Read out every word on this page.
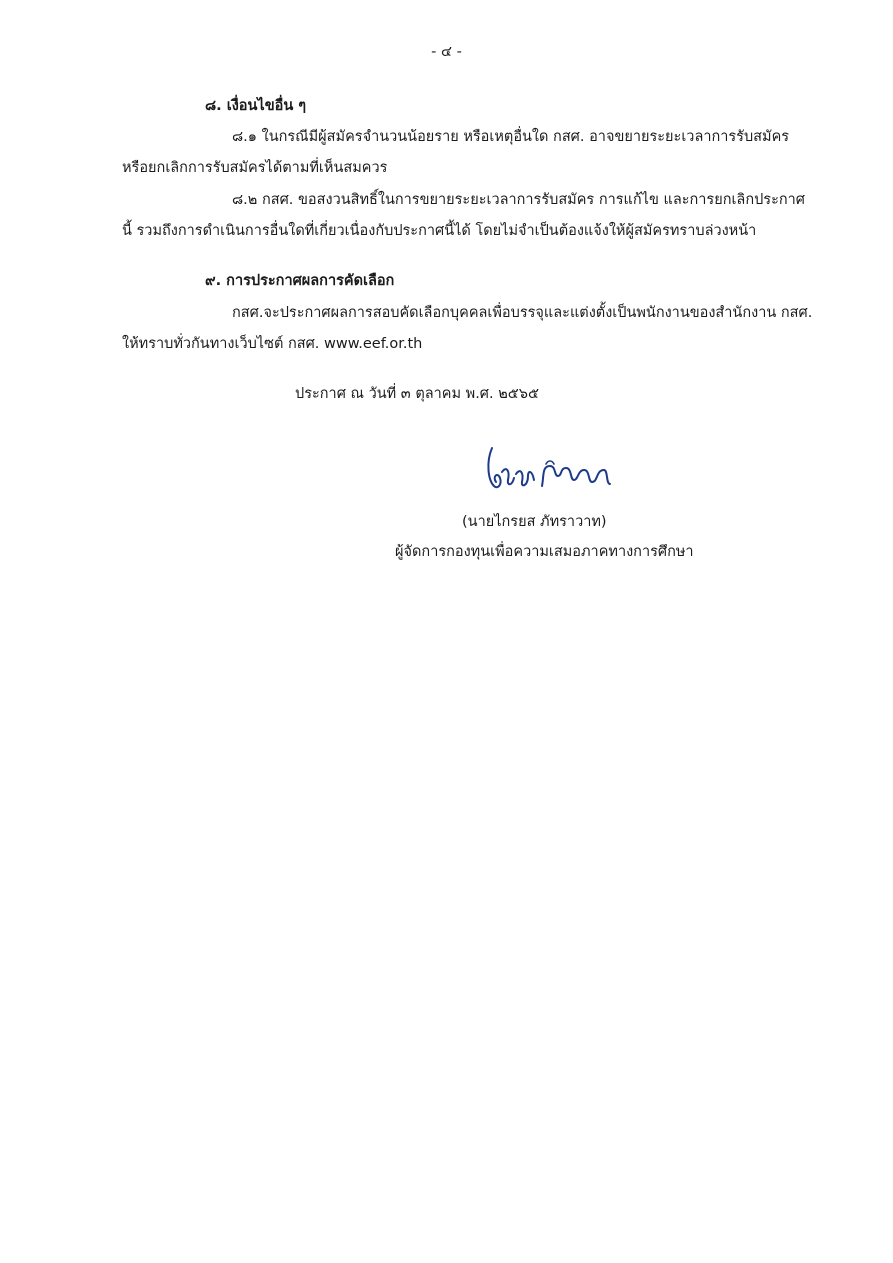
- ๔ -
๘. เงื่อนไขอื่น ๆ
๘.๑ ในกรณีมีผู้สมัครจำนวนน้อยราย หรือเหตุอื่นใด กสศ. อาจขยายระยะเวลาการรับสมัคร
หรือยกเลิกการรับสมัครได้ตามที่เห็นสมควร
๘.๒ กสศ. ขอสงวนสิทธิ์ในการขยายระยะเวลาการรับสมัคร การแก้ไข และการยกเลิกประกาศ
นี้ รวมถึงการดำเนินการอื่นใดที่เกี่ยวเนื่องกับประกาศนี้ได้ โดยไม่จำเป็นต้องแจ้งให้ผู้สมัครทราบล่วงหน้า
๙. การประกาศผลการคัดเลือก
กสศ.จะประกาศผลการสอบคัดเลือกบุคคลเพื่อบรรจุและแต่งตั้งเป็นพนักงานของสำนักงาน กสศ.
ให้ทราบทั่วกันทางเว็บไซต์ กสศ. www.eef.or.th
ประกาศ ณ วันที่ ๓ ตุลาคม พ.ศ. ๒๕๖๕
(นายไกรยส ภัทราวาท)
ผู้จัดการกองทุนเพื่อความเสมอภาคทางการศึกษา
